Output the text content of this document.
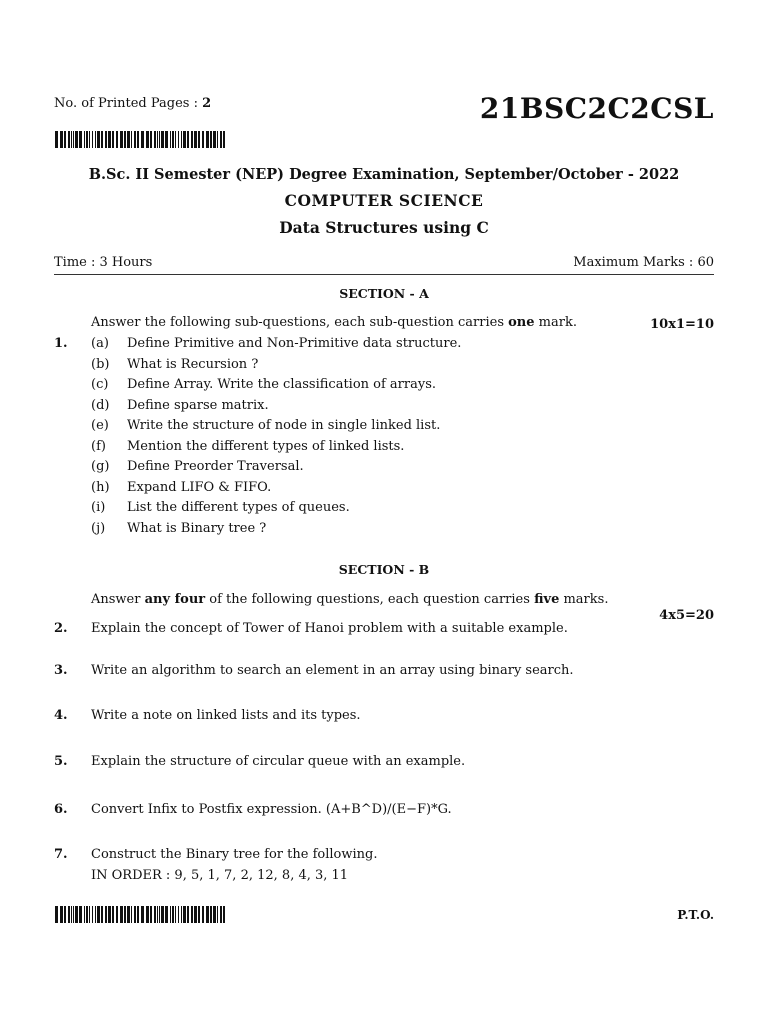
No. of Printed Pages : 2	21BSC2C2CSL
B.Sc. II Semester (NEP) Degree Examination, September/October - 2022
COMPUTER SCIENCE
Data Structures using C
Time : 3 Hours	Maximum Marks : 60
SECTION - A
Answer the following sub-questions, each sub-question carries one mark.	10x1=10
1. (a) Define Primitive and Non-Primitive data structure.
(b) What is Recursion ?
(c) Define Array. Write the classification of arrays.
(d) Define sparse matrix.
(e) Write the structure of node in single linked list.
(f) Mention the different types of linked lists.
(g) Define Preorder Traversal.
(h) Expand LIFO & FIFO.
(i) List the different types of queues.
(j) What is Binary tree ?
SECTION - B
Answer any four of the following questions, each question carries five marks.
4x5=20
2. Explain the concept of Tower of Hanoi problem with a suitable example.
3. Write an algorithm to search an element in an array using binary search.
4. Write a note on linked lists and its types.
5. Explain the structure of circular queue with an example.
6. Convert Infix to Postfix expression. (A+B^D)/(E−F)*G.
7. Construct the Binary tree for the following.
IN ORDER : 9, 5, 1, 7, 2, 12, 8, 4, 3, 11
P.T.O.
